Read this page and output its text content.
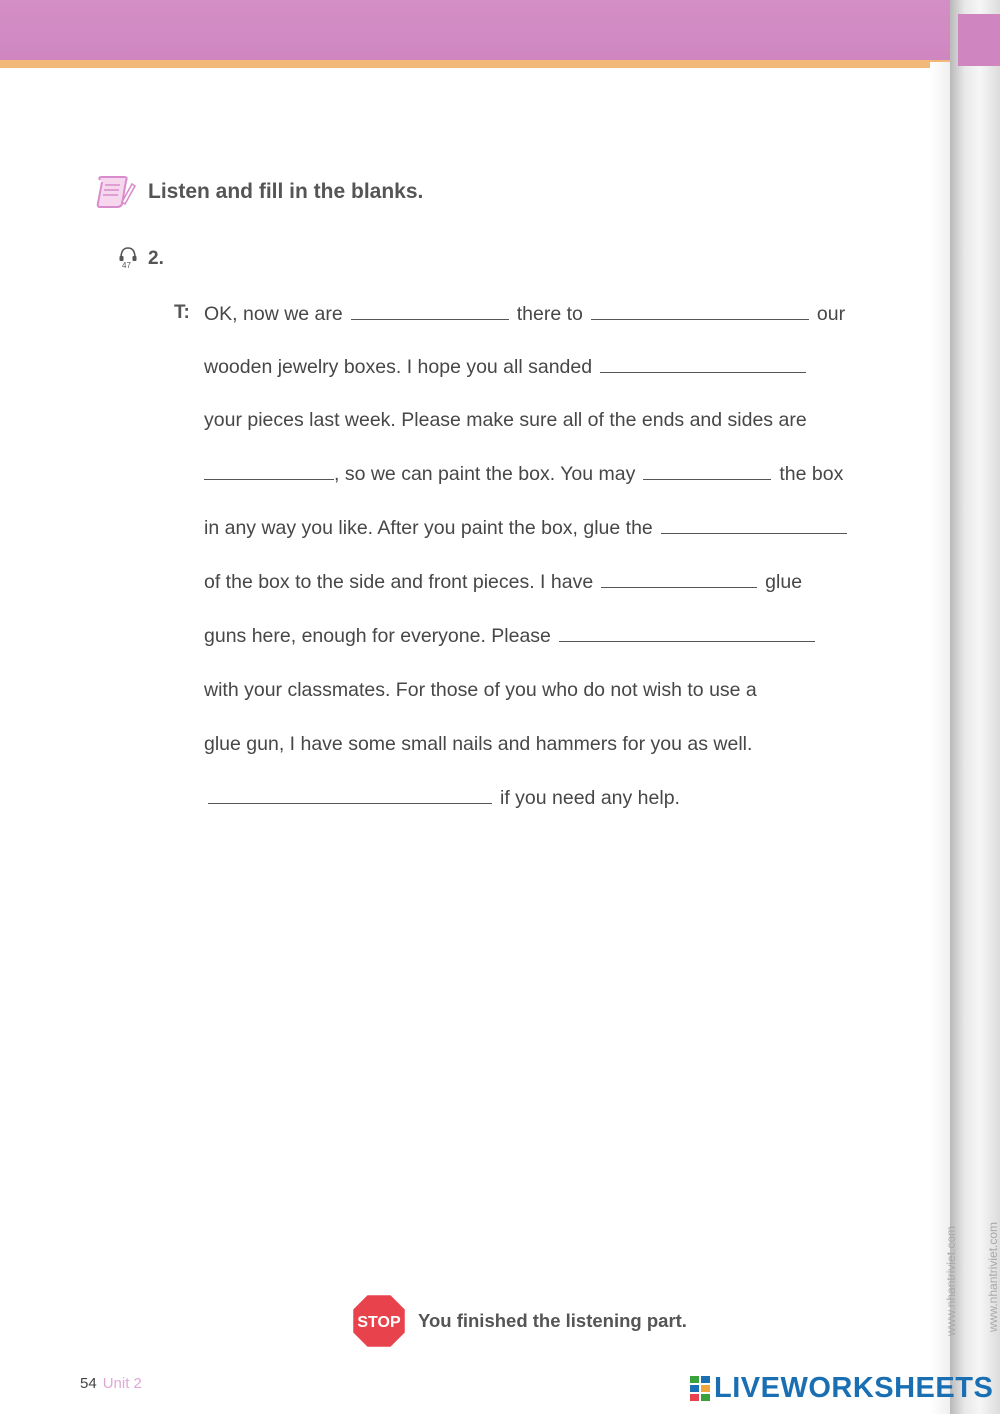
Listen and fill in the blanks.
47 2.
T: OK, now we are	there to	our
wooden jewelry boxes. I hope you all sanded
your pieces last week. Please make sure all of the ends and sides are
, so we can paint the box. You may	the box
in any way you like. After you paint the box, glue the
of the box to the side and front pieces. I have	glue
guns here, enough for everyone. Please
with your classmates. For those of you who do not wish to use a
glue gun, I have some small nails and hammers for you as well.
if you need any help.
STOP You finished the listening part.
54 Unit 2
www.nhantriviet.com www.nhantriviet.com
LIVEWORKSHEETS
